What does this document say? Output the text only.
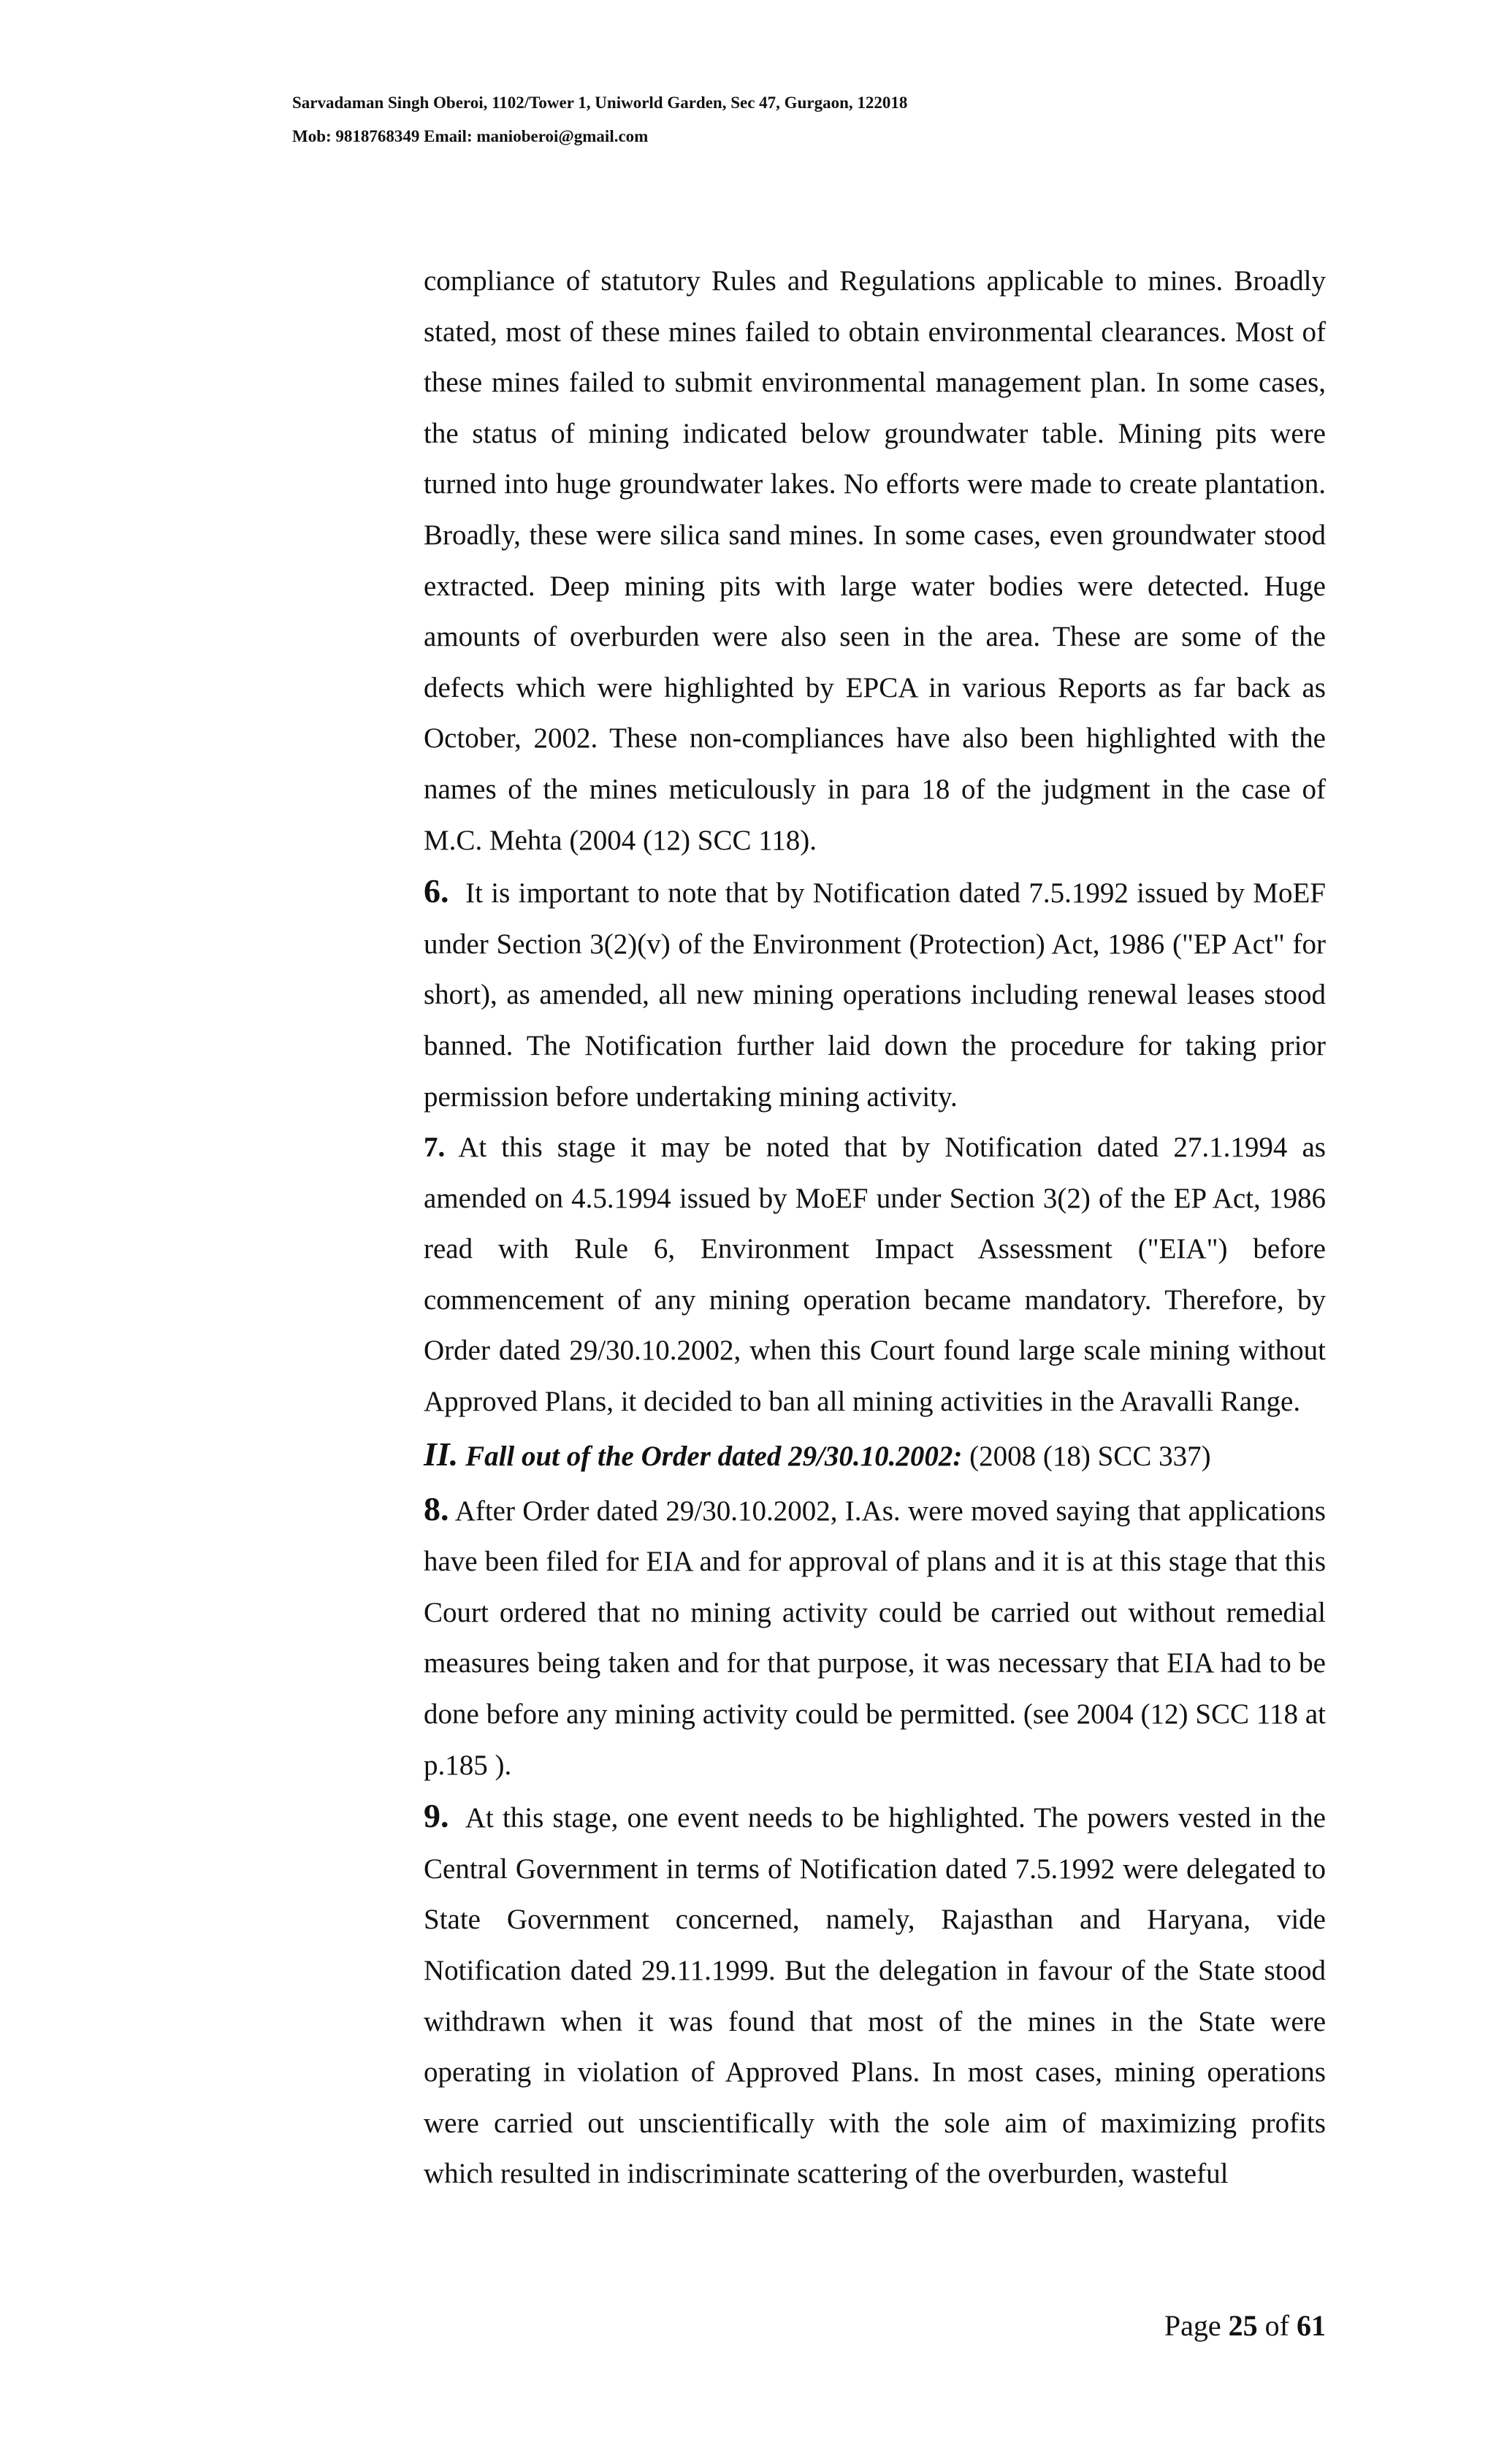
Sarvadaman Singh Oberoi, 1102/Tower 1, Uniworld Garden, Sec 47, Gurgaon, 122018
Mob: 9818768349 Email: manioberoi@gmail.com

compliance of statutory Rules and Regulations applicable to mines. Broadly stated, most of these mines failed to obtain environmental clearances. Most of these mines failed to submit environmental management plan. In some cases, the status of mining indicated below groundwater table. Mining pits were turned into huge groundwater lakes. No efforts were made to create plantation. Broadly, these were silica sand mines. In some cases, even groundwater stood extracted. Deep mining pits with large water bodies were detected. Huge amounts of overburden were also seen in the area. These are some of the defects which were highlighted by EPCA in various Reports as far back as October, 2002. These non-compliances have also been highlighted with the names of the mines meticulously in para 18 of the judgment in the case of M.C. Mehta (2004 (12) SCC 118).

6. It is important to note that by Notification dated 7.5.1992 issued by MoEF under Section 3(2)(v) of the Environment (Protection) Act, 1986 ("EP Act" for short), as amended, all new mining operations including renewal leases stood banned. The Notification further laid down the procedure for taking prior permission before undertaking mining activity.

7. At this stage it may be noted that by Notification dated 27.1.1994 as amended on 4.5.1994 issued by MoEF under Section 3(2) of the EP Act, 1986 read with Rule 6, Environment Impact Assessment ("EIA") before commencement of any mining operation became mandatory. Therefore, by Order dated 29/30.10.2002, when this Court found large scale mining without Approved Plans, it decided to ban all mining activities in the Aravalli Range.

II. Fall out of the Order dated 29/30.10.2002: (2008 (18) SCC 337)

8. After Order dated 29/30.10.2002, I.As. were moved saying that applications have been filed for EIA and for approval of plans and it is at this stage that this Court ordered that no mining activity could be carried out without remedial measures being taken and for that purpose, it was necessary that EIA had to be done before any mining activity could be permitted. (see 2004 (12) SCC 118 at p.185 ).

9. At this stage, one event needs to be highlighted. The powers vested in the Central Government in terms of Notification dated 7.5.1992 were delegated to State Government concerned, namely, Rajasthan and Haryana, vide Notification dated 29.11.1999. But the delegation in favour of the State stood withdrawn when it was found that most of the mines in the State were operating in violation of Approved Plans. In most cases, mining operations were carried out unscientifically with the sole aim of maximizing profits which resulted in indiscriminate scattering of the overburden, wasteful

Page 25 of 61
